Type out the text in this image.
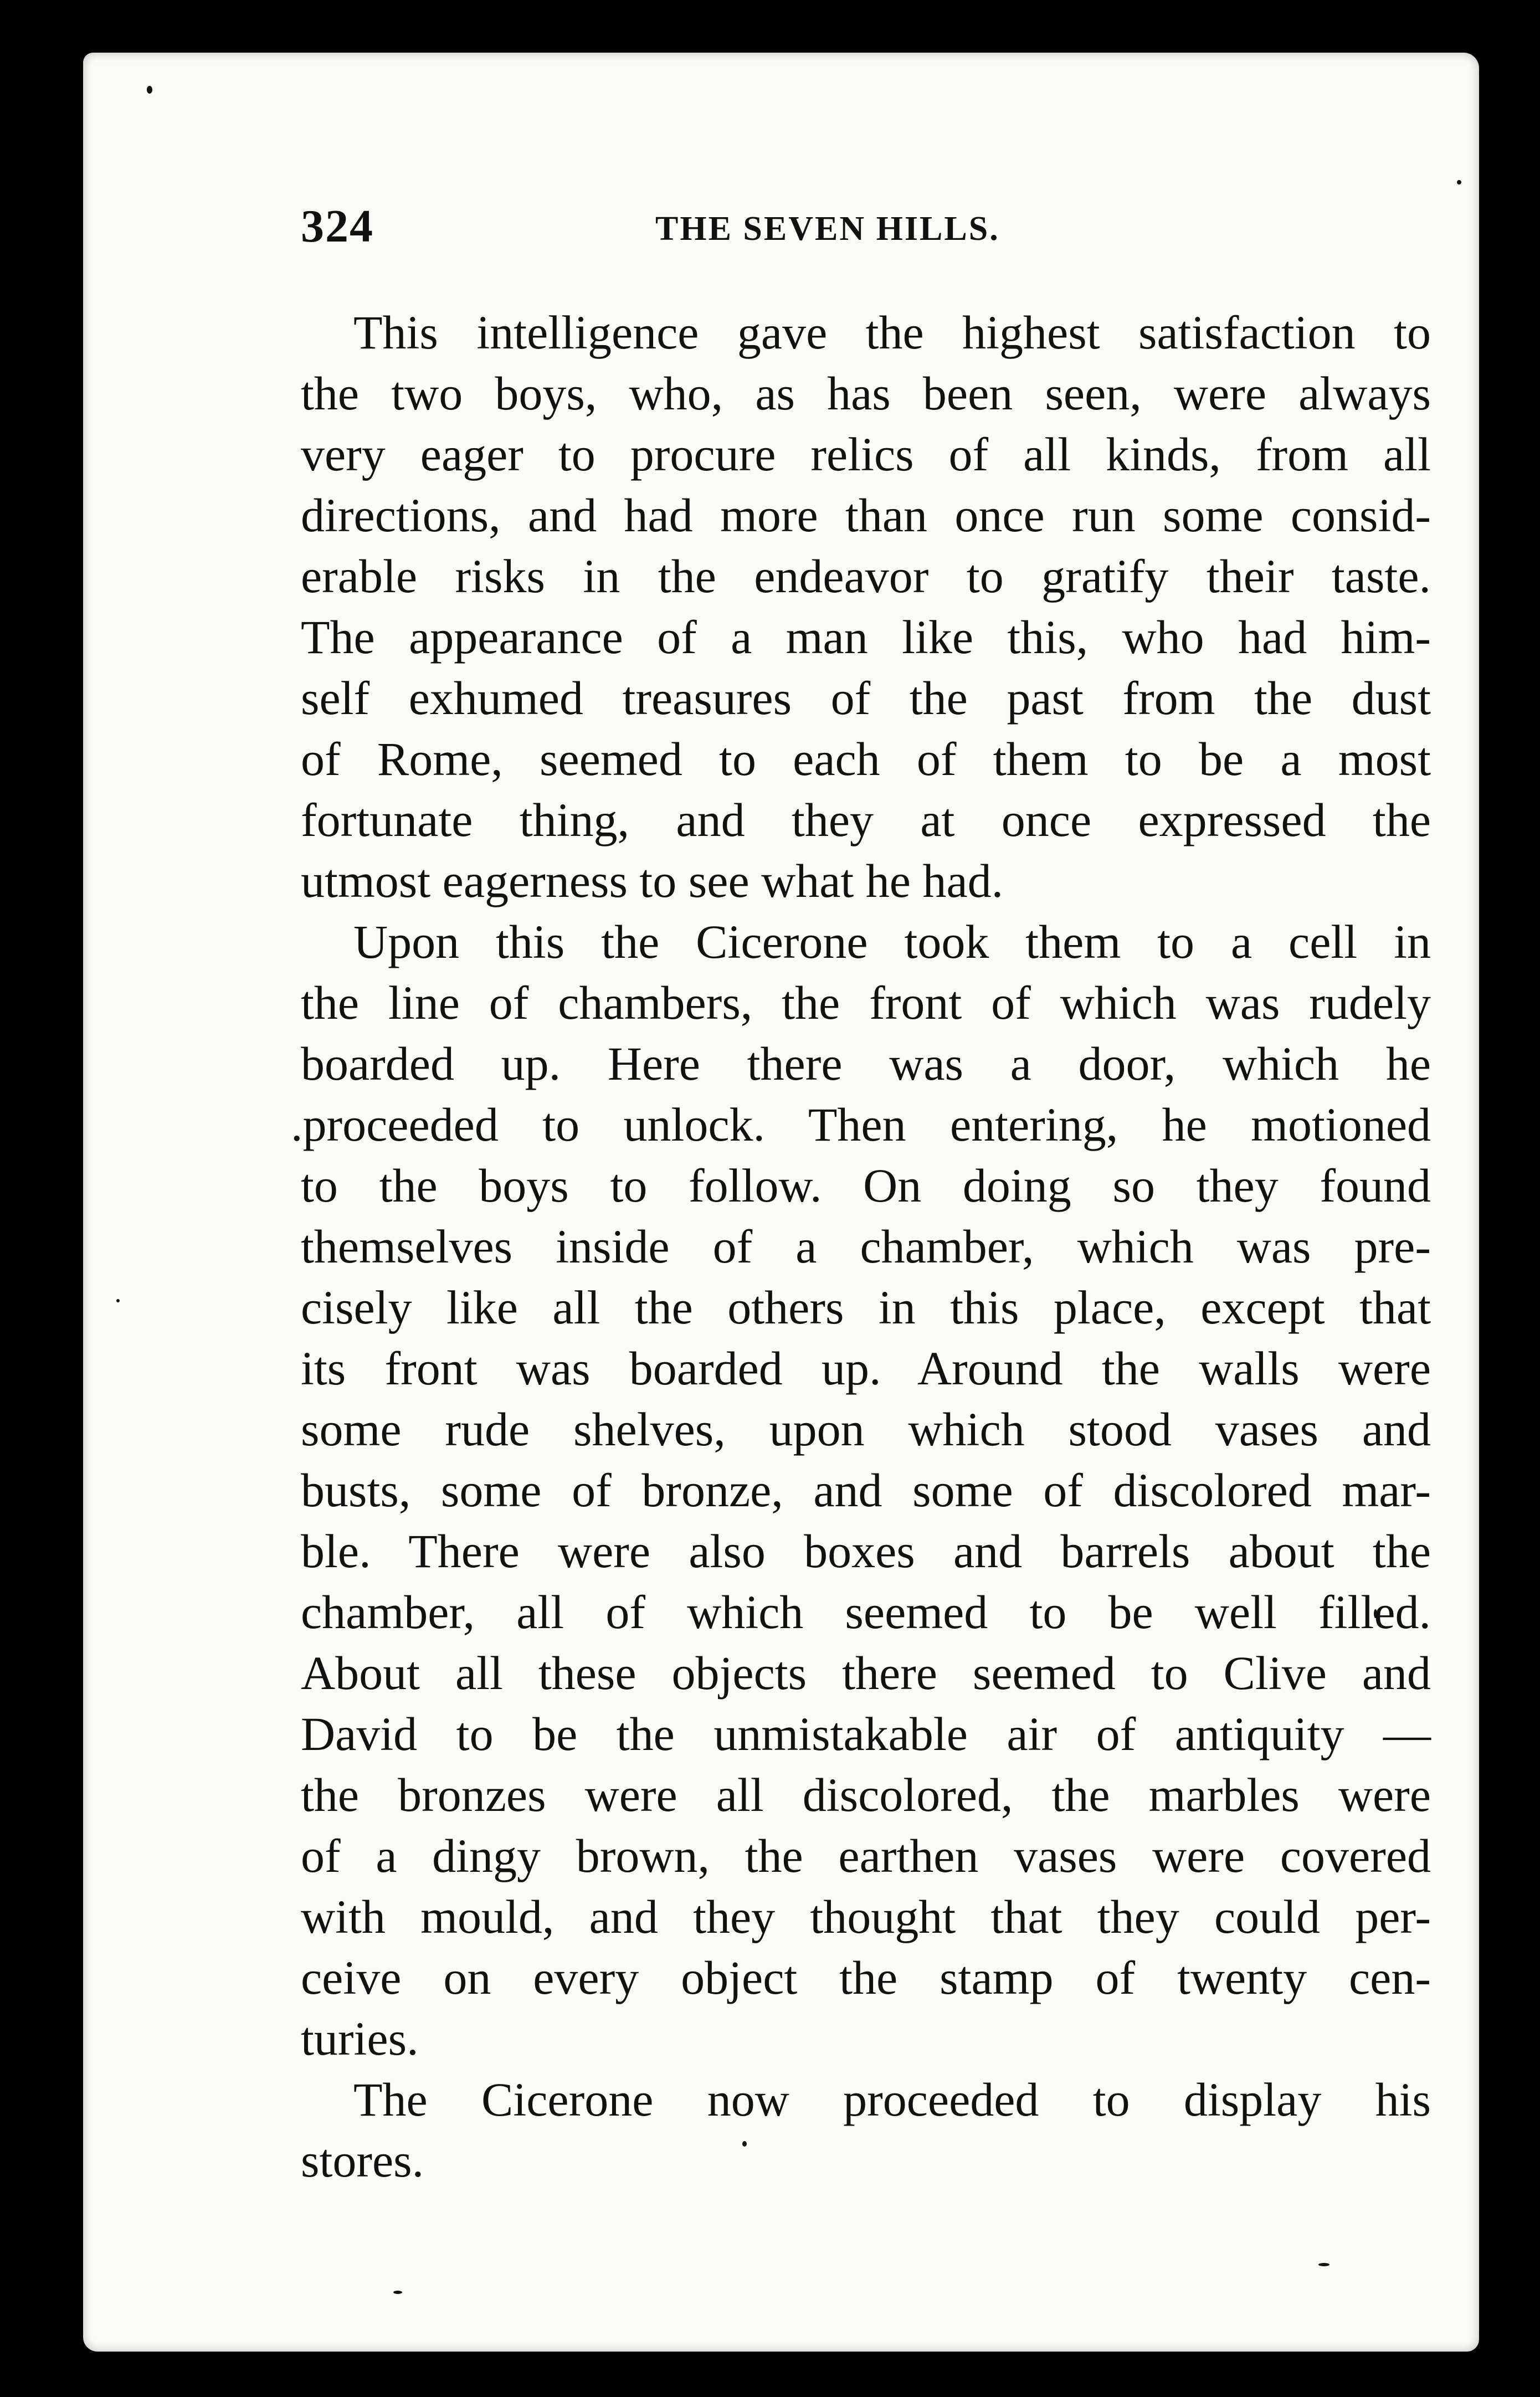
324	THE SEVEN HILLS.
This intelligence gave the highest satisfaction to
the two boys, who, as has been seen, were always
very eager to procure relics of all kinds, from all
directions, and had more than once run some consid-
erable risks in the endeavor to gratify their taste.
The appearance of a man like this, who had him-
self exhumed treasures of the past from the dust
of Rome, seemed to each of them to be a most
fortunate thing, and they at once expressed the
utmost eagerness to see what he had.
Upon this the Cicerone took them to a cell in
the line of chambers, the front of which was rudely
boarded up. Here there was a door, which he
.proceeded to unlock. Then entering, he motioned
to the boys to follow. On doing so they found
themselves inside of a chamber, which was pre-
cisely like all the others in this place, except that
its front was boarded up. Around the walls were
some rude shelves, upon which stood vases and
busts, some of bronze, and some of discolored mar-
ble. There were also boxes and barrels about the
chamber, all of which seemed to be well filled.
About all these objects there seemed to Clive and
David to be the unmistakable air of antiquity —
the bronzes were all discolored, the marbles were
of a dingy brown, the earthen vases were covered
with mould, and they thought that they could per-
ceive on every object the stamp of twenty cen-
turies.
The Cicerone now proceeded to display his
stores.
